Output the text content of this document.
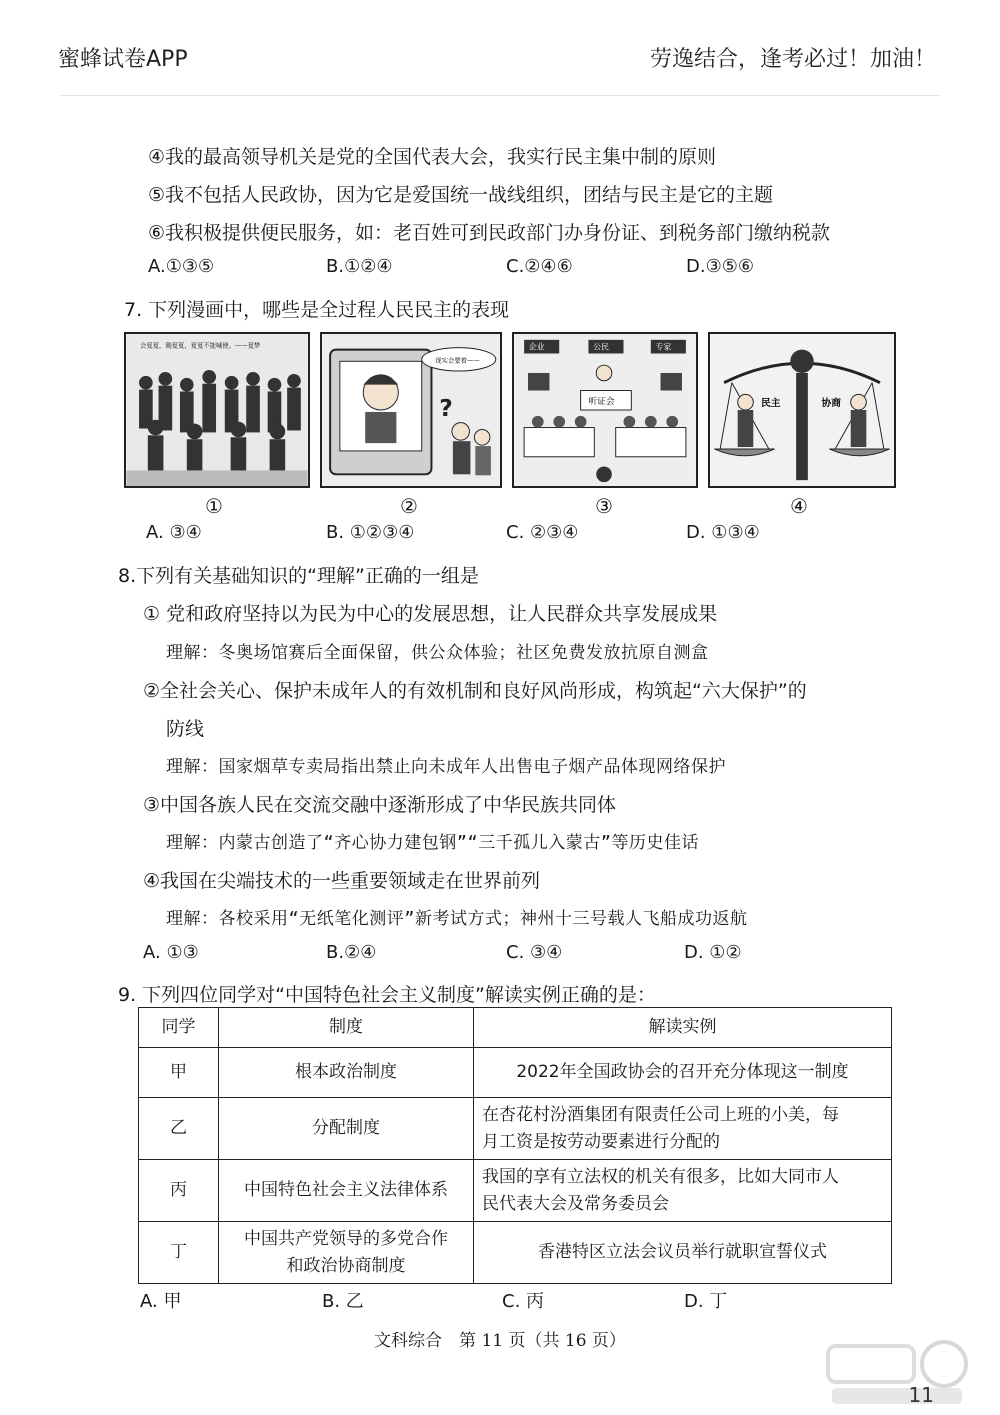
蜜蜂试卷APP	劳逸结合，逢考必过！加油！
④我的最高领导机关是党的全国代表大会，我实行民主集中制的原则
⑤我不包括人民政协，因为它是爱国统一战线组织，团结与民主是它的主题
⑥我积极提供便民服务，如：老百姓可到民政部门办身份证、到税务部门缴纳税款
A.①③⑤	B.①②④	C.②④⑥	D.③⑤⑥
7. 下列漫画中，哪些是全过程人民民主的表现
会夏夏，锄夏夏，夏夏不能喊使。——夏梦
现实会要着——
?
企业	公民	专家
听证会	民主	协商
①	②	③	④
A. ③④	B. ①②③④	C. ②③④	D. ①③④
8.下列有关基础知识的“理解”正确的一组是
① 党和政府坚持以为民为中心的发展思想，让人民群众共享发展成果
理解：冬奥场馆赛后全面保留，供公众体验；社区免费发放抗原自测盒
②全社会关心、保护未成年人的有效机制和良好风尚形成，构筑起“六大保护”的
防线
理解：国家烟草专卖局指出禁止向未成年人出售电子烟产品体现网络保护
③中国各族人民在交流交融中逐渐形成了中华民族共同体
理解：内蒙古创造了“齐心协力建包钢”“三千孤儿入蒙古”等历史佳话
④我国在尖端技术的一些重要领域走在世界前列
理解：各校采用“无纸笔化测评”新考试方式；神州十三号载人飞船成功返航
A. ①③	B.②④	C. ③④	D. ①②
9. 下列四位同学对“中国特色社会主义制度”解读实例正确的是：
同学	制度	解读实例
甲	根本政治制度	2022年全国政协会的召开充分体现这一制度
乙	分配制度	在杏花村汾酒集团有限责任公司上班的小美，每
月工资是按劳动要素进行分配的
丙	中国特色社会主义法律体系	我国的享有立法权的机关有很多，比如大同市人
民代表大会及常务委员会
丁	中国共产党领导的多党合作
和政治协商制度	香港特区立法会议员举行就职宣誓仪式
A. 甲	B. 乙	C. 丙	D. 丁
文科综合　第 11 页（共 16 页）
11
